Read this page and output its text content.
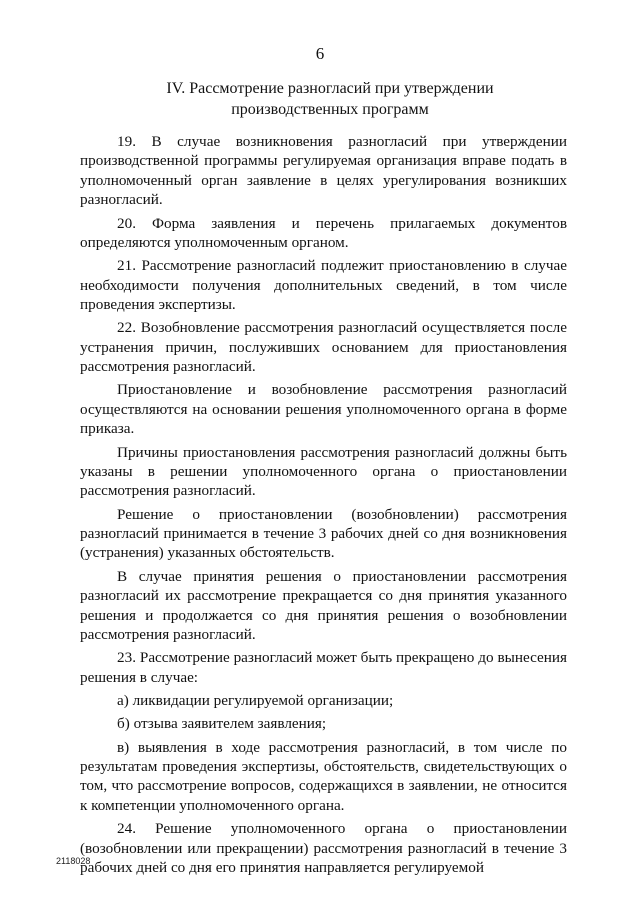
6
IV. Рассмотрение разногласий при утверждении
производственных программ

19. В случае возникновения разногласий при утверждении производственной программы регулируемая организация вправе подать в уполномоченный орган заявление в целях урегулирования возникших разногласий.

20. Форма заявления и перечень прилагаемых документов определяются уполномоченным органом.

21. Рассмотрение разногласий подлежит приостановлению в случае необходимости получения дополнительных сведений, в том числе проведения экспертизы.

22. Возобновление рассмотрения разногласий осуществляется после устранения причин, послуживших основанием для приостановления рассмотрения разногласий.

Приостановление и возобновление рассмотрения разногласий осуществляются на основании решения уполномоченного органа в форме приказа.

Причины приостановления рассмотрения разногласий должны быть указаны в решении уполномоченного органа о приостановлении рассмотрения разногласий.

Решение о приостановлении (возобновлении) рассмотрения разногласий принимается в течение 3 рабочих дней со дня возникновения (устранения) указанных обстоятельств.

В случае принятия решения о приостановлении рассмотрения разногласий их рассмотрение прекращается со дня принятия указанного решения и продолжается со дня принятия решения о возобновлении рассмотрения разногласий.

23. Рассмотрение разногласий может быть прекращено до вынесения решения в случае:

а) ликвидации регулируемой организации;

б) отзыва заявителем заявления;

в) выявления в ходе рассмотрения разногласий, в том числе по результатам проведения экспертизы, обстоятельств, свидетельствующих о том, что рассмотрение вопросов, содержащихся в заявлении, не относится к компетенции уполномоченного органа.

24. Решение уполномоченного органа о приостановлении (возобновлении или прекращении) рассмотрения разногласий в течение 3 рабочих дней со дня его принятия направляется регулируемой

2118028
